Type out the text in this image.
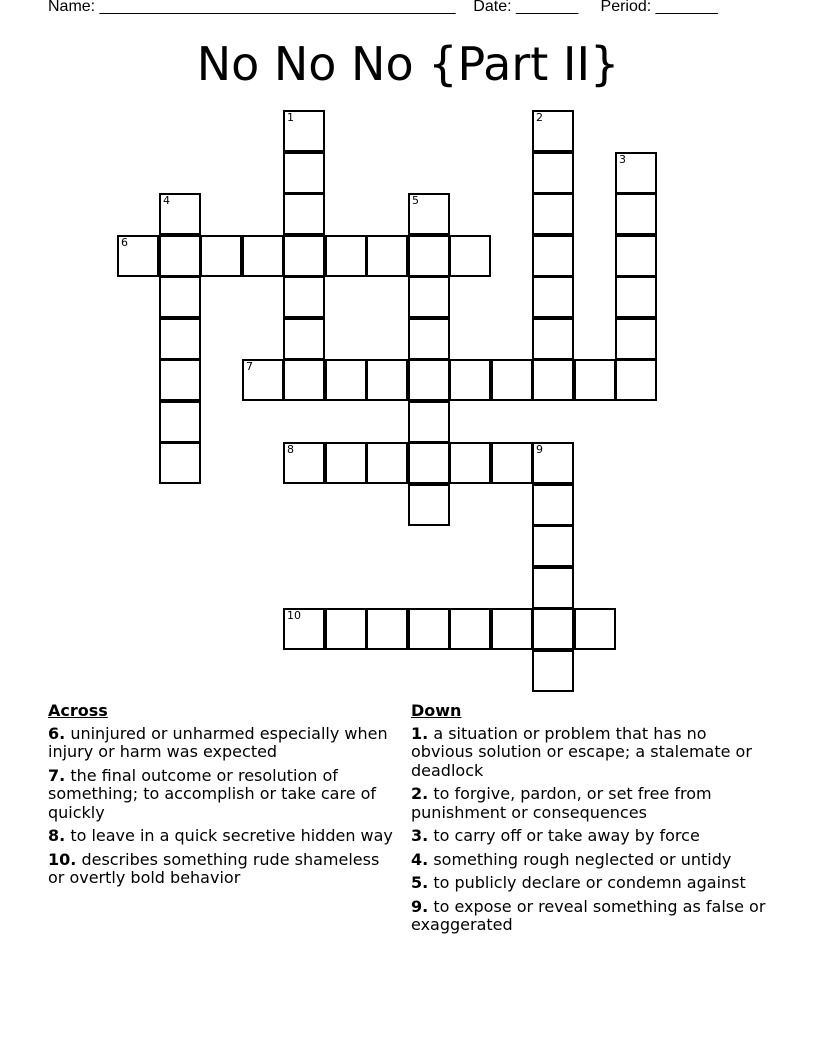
Name: ________________________________________ Date: _______ Period: _______
No No No {Part II}
1	2
3
4	5
6
7
8	9
10
Across
6. uninjured or unharmed especially when injury or harm was expected
7. the final outcome or resolution of something; to accomplish or take care of quickly
8. to leave in a quick secretive hidden way
10. describes something rude shameless or overtly bold behavior
Down
1. a situation or problem that has no obvious solution or escape; a stalemate or deadlock
2. to forgive, pardon, or set free from punishment or consequences
3. to carry off or take away by force
4. something rough neglected or untidy
5. to publicly declare or condemn against
9. to expose or reveal something as false or exaggerated
